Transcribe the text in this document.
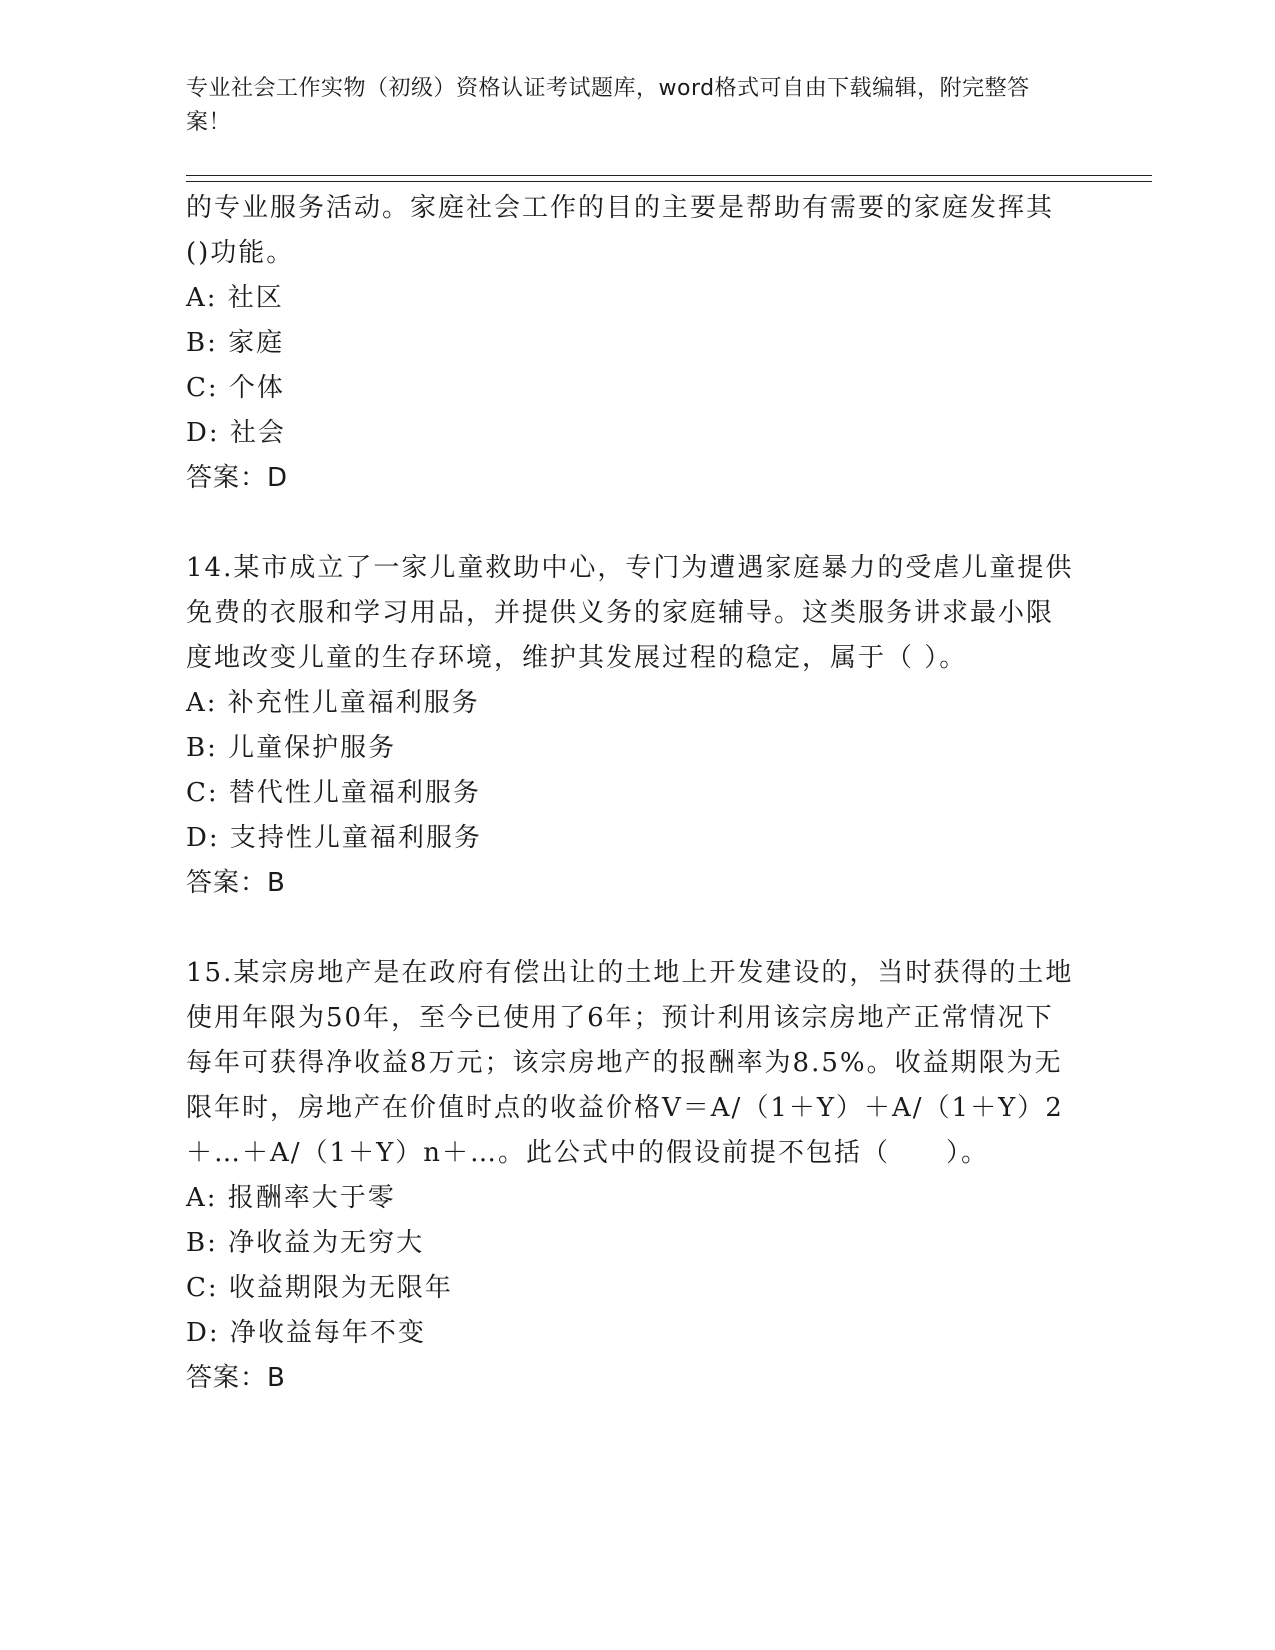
专业社会工作实物（初级）资格认证考试题库，word格式可自由下载编辑，附完整答案！

的专业服务活动。家庭社会工作的目的主要是帮助有需要的家庭发挥其()功能。

A: 社区

B: 家庭

C: 个体

D: 社会

答案：D

14.某市成立了一家儿童救助中心，专门为遭遇家庭暴力的受虐儿童提供免费的衣服和学习用品，并提供义务的家庭辅导。这类服务讲求最小限度地改变儿童的生存环境，维护其发展过程的稳定，属于（ ）。

A: 补充性儿童福利服务

B: 儿童保护服务

C: 替代性儿童福利服务

D: 支持性儿童福利服务

答案：B

15.某宗房地产是在政府有偿出让的土地上开发建设的，当时获得的土地使用年限为50年，至今已使用了6年；预计利用该宗房地产正常情况下每年可获得净收益8万元；该宗房地产的报酬率为8.5%。收益期限为无限年时，房地产在价值时点的收益价格V＝A/（1＋Y）＋A/（1＋Y）2＋…＋A/（1＋Y）n＋…。此公式中的假设前提不包括（　　）。

A: 报酬率大于零

B: 净收益为无穷大

C: 收益期限为无限年

D: 净收益每年不变

答案：B
